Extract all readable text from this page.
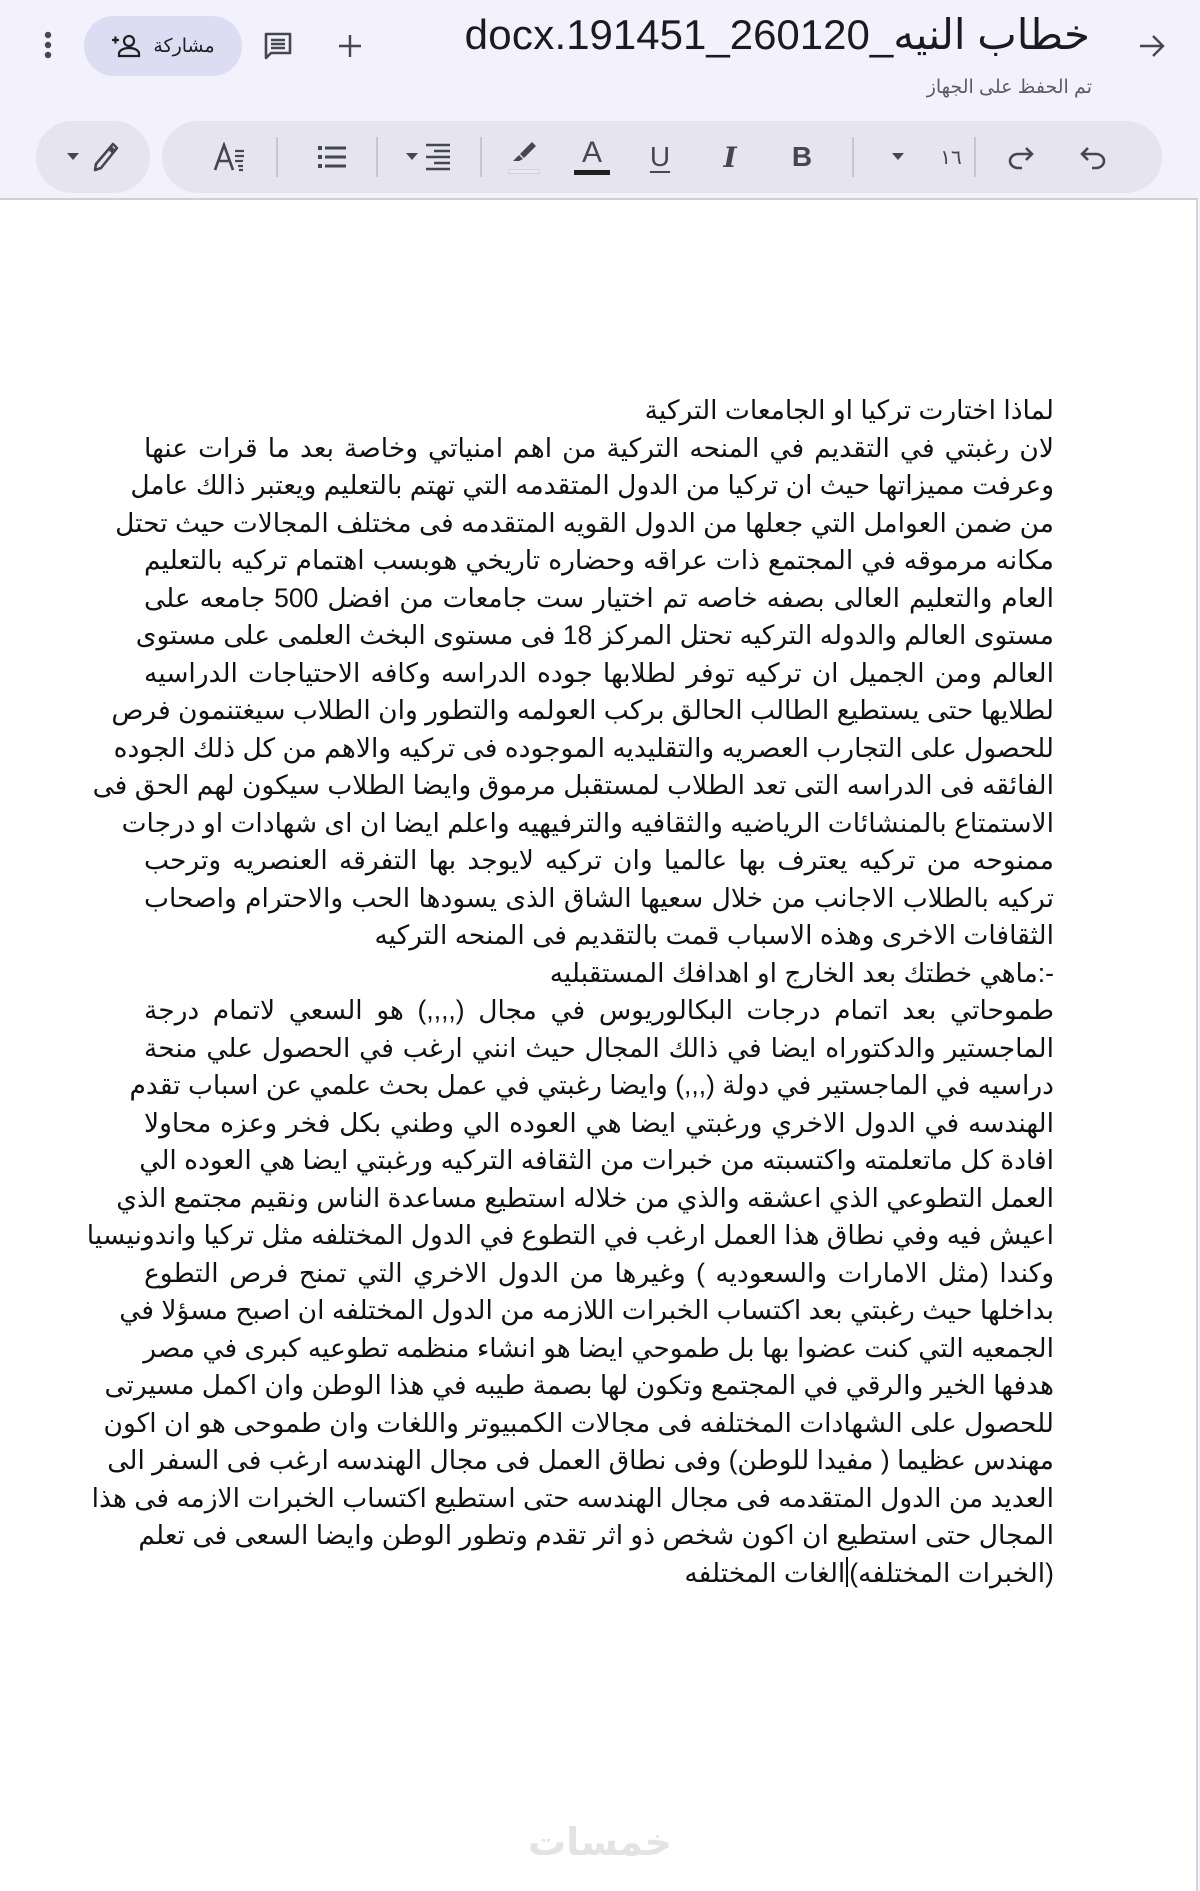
مشاركة	خطاب النيه_260120_191451.docx
تم الحفظ على الجهاز
A U I B	١٦
لماذا اختارت تركيا او الجامعات التركية
لان رغبتي في التقديم في المنحه التركية من اهم امنياتي وخاصة بعد ما قرات عنها
وعرفت مميزاتها حيث ان تركيا من الدول المتقدمه التي تهتم بالتعليم ويعتبر ذالك عامل
من ضمن العوامل التي جعلها من الدول القويه المتقدمه فى مختلف المجالات حيث تحتل
مكانه مرموقه في المجتمع ذات عراقه وحضاره تاريخي هوبسب اهتمام تركيه بالتعليم
العام والتعليم العالى بصفه خاصه تم اختيار ست جامعات من افضل 500 جامعه على
مستوى العالم والدوله التركيه تحتل المركز 18 فى مستوى البخث العلمى على مستوى
العالم ومن الجميل ان تركيه توفر لطلابها جوده الدراسه وكافه الاحتياجات الدراسيه
لطلايها حتى يستطيع الطالب الحالق بركب العولمه والتطور وان الطلاب سيغتنمون فرص
للحصول على التجارب العصريه والتقليديه الموجوده فى تركيه والاهم من كل ذلك الجوده
الفائقه فى الدراسه التى تعد الطلاب لمستقبل مرموق وايضا الطلاب سيكون لهم الحق فى
الاستمتاع بالمنشائات الرياضيه والثقافيه والترفيهيه واعلم ايضا ان اى شهادات او درجات
ممنوحه من تركيه يعترف بها عالميا وان تركيه لايوجد بها التفرقه العنصريه وترحب
تركيه بالطلاب الاجانب من خلال سعيها الشاق الذى يسودها الحب والاحترام واصحاب
الثقافات الاخرى وهذه الاسباب قمت بالتقديم فى المنحه التركيه
-:ماهي خطتك بعد الخارج او اهدافك المستقبليه
طموحاتي بعد اتمام درجات البكالوريوس في مجال (,,,,) هو السعي لاتمام درجة
الماجستير والدكتوراه ايضا في ذالك المجال حيث انني ارغب في الحصول علي منحة
دراسيه في الماجستير في دولة (,,,) وايضا رغبتي في عمل بحث علمي عن اسباب تقدم
الهندسه في الدول الاخري ورغبتي ايضا هي العوده الي وطني بكل فخر وعزه محاولا
افادة كل ماتعلمته واكتسبته من خبرات من الثقافه التركيه ورغبتي ايضا هي العوده الي
العمل التطوعي الذي اعشقه والذي من خلاله استطيع مساعدة الناس ونقيم مجتمع الذي
اعيش فيه وفي نطاق هذا العمل ارغب في التطوع في الدول المختلفه مثل تركيا واندونيسيا
وكندا (مثل الامارات والسعوديه ) وغيرها من الدول الاخري التي تمنح فرص التطوع
بداخلها حيث رغبتي بعد اكتساب الخبرات اللازمه من الدول المختلفه ان اصبح مسؤلا في
الجمعيه التي كنت عضوا بها بل طموحي ايضا هو انشاء منظمه تطوعيه كبرى في مصر
هدفها الخير والرقي في المجتمع وتكون لها بصمة طيبه في هذا الوطن وان اكمل مسيرتى
للحصول على الشهادات المختلفه فى مجالات الكمبيوتر واللغات وان طموحى هو ان اكون
مهندس عظيما ( مفيدا للوطن) وفى نطاق العمل فى مجال الهندسه ارغب فى السفر الى
العديد من الدول المتقدمه فى مجال الهندسه حتى استطيع اكتساب الخبرات الازمه فى هذا
المجال حتى استطيع ان اكون شخص ذو اثر تقدم وتطور الوطن وايضا السعى فى تعلم
(الخبرات المختلفه)الغات المختلفه
خمسات
